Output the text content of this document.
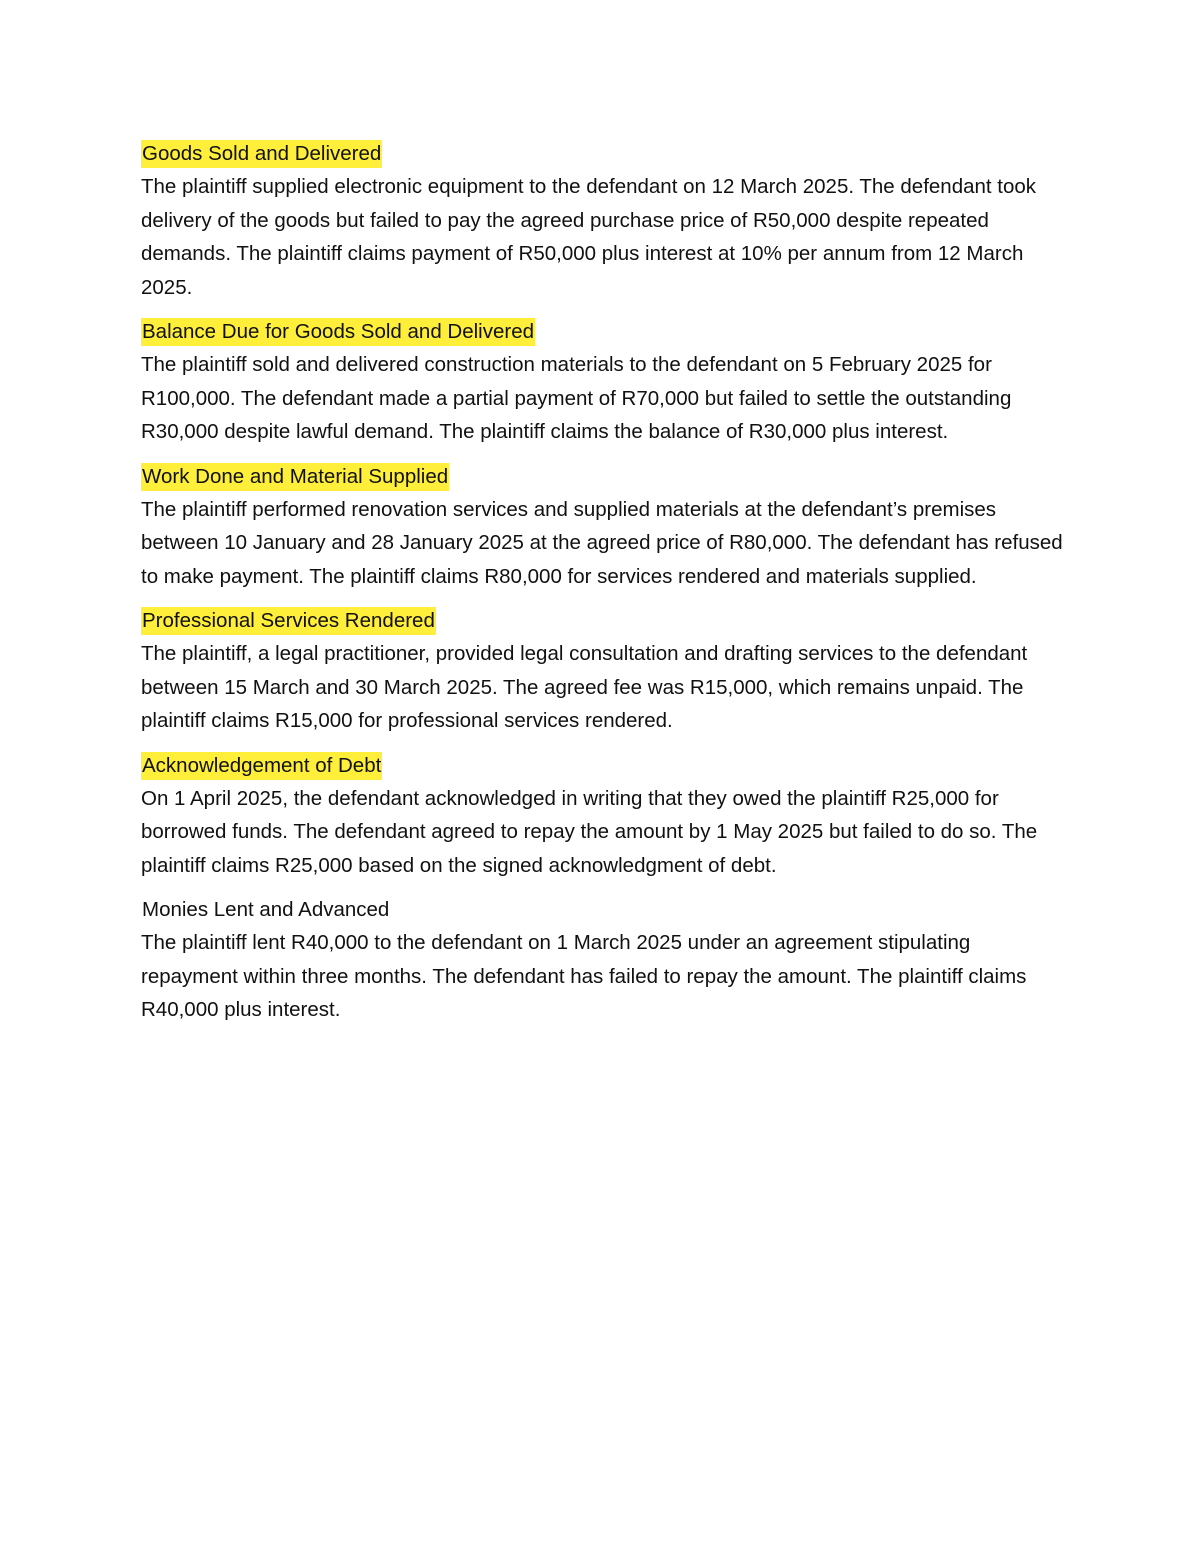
Goods Sold and Delivered

The plaintiff supplied electronic equipment to the defendant on 12 March 2025. The defendant took delivery of the goods but failed to pay the agreed purchase price of R50,000 despite repeated demands. The plaintiff claims payment of R50,000 plus interest at 10% per annum from 12 March 2025.

Balance Due for Goods Sold and Delivered

The plaintiff sold and delivered construction materials to the defendant on 5 February 2025 for R100,000. The defendant made a partial payment of R70,000 but failed to settle the outstanding R30,000 despite lawful demand. The plaintiff claims the balance of R30,000 plus interest.

Work Done and Material Supplied

The plaintiff performed renovation services and supplied materials at the defendant’s premises between 10 January and 28 January 2025 at the agreed price of R80,000. The defendant has refused to make payment. The plaintiff claims R80,000 for services rendered and materials supplied.

Professional Services Rendered

The plaintiff, a legal practitioner, provided legal consultation and drafting services to the defendant between 15 March and 30 March 2025. The agreed fee was R15,000, which remains unpaid. The plaintiff claims R15,000 for professional services rendered.

Acknowledgement of Debt

On 1 April 2025, the defendant acknowledged in writing that they owed the plaintiff R25,000 for borrowed funds. The defendant agreed to repay the amount by 1 May 2025 but failed to do so. The plaintiff claims R25,000 based on the signed acknowledgment of debt.

Monies Lent and Advanced

The plaintiff lent R40,000 to the defendant on 1 March 2025 under an agreement stipulating repayment within three months. The defendant has failed to repay the amount. The plaintiff claims R40,000 plus interest.
